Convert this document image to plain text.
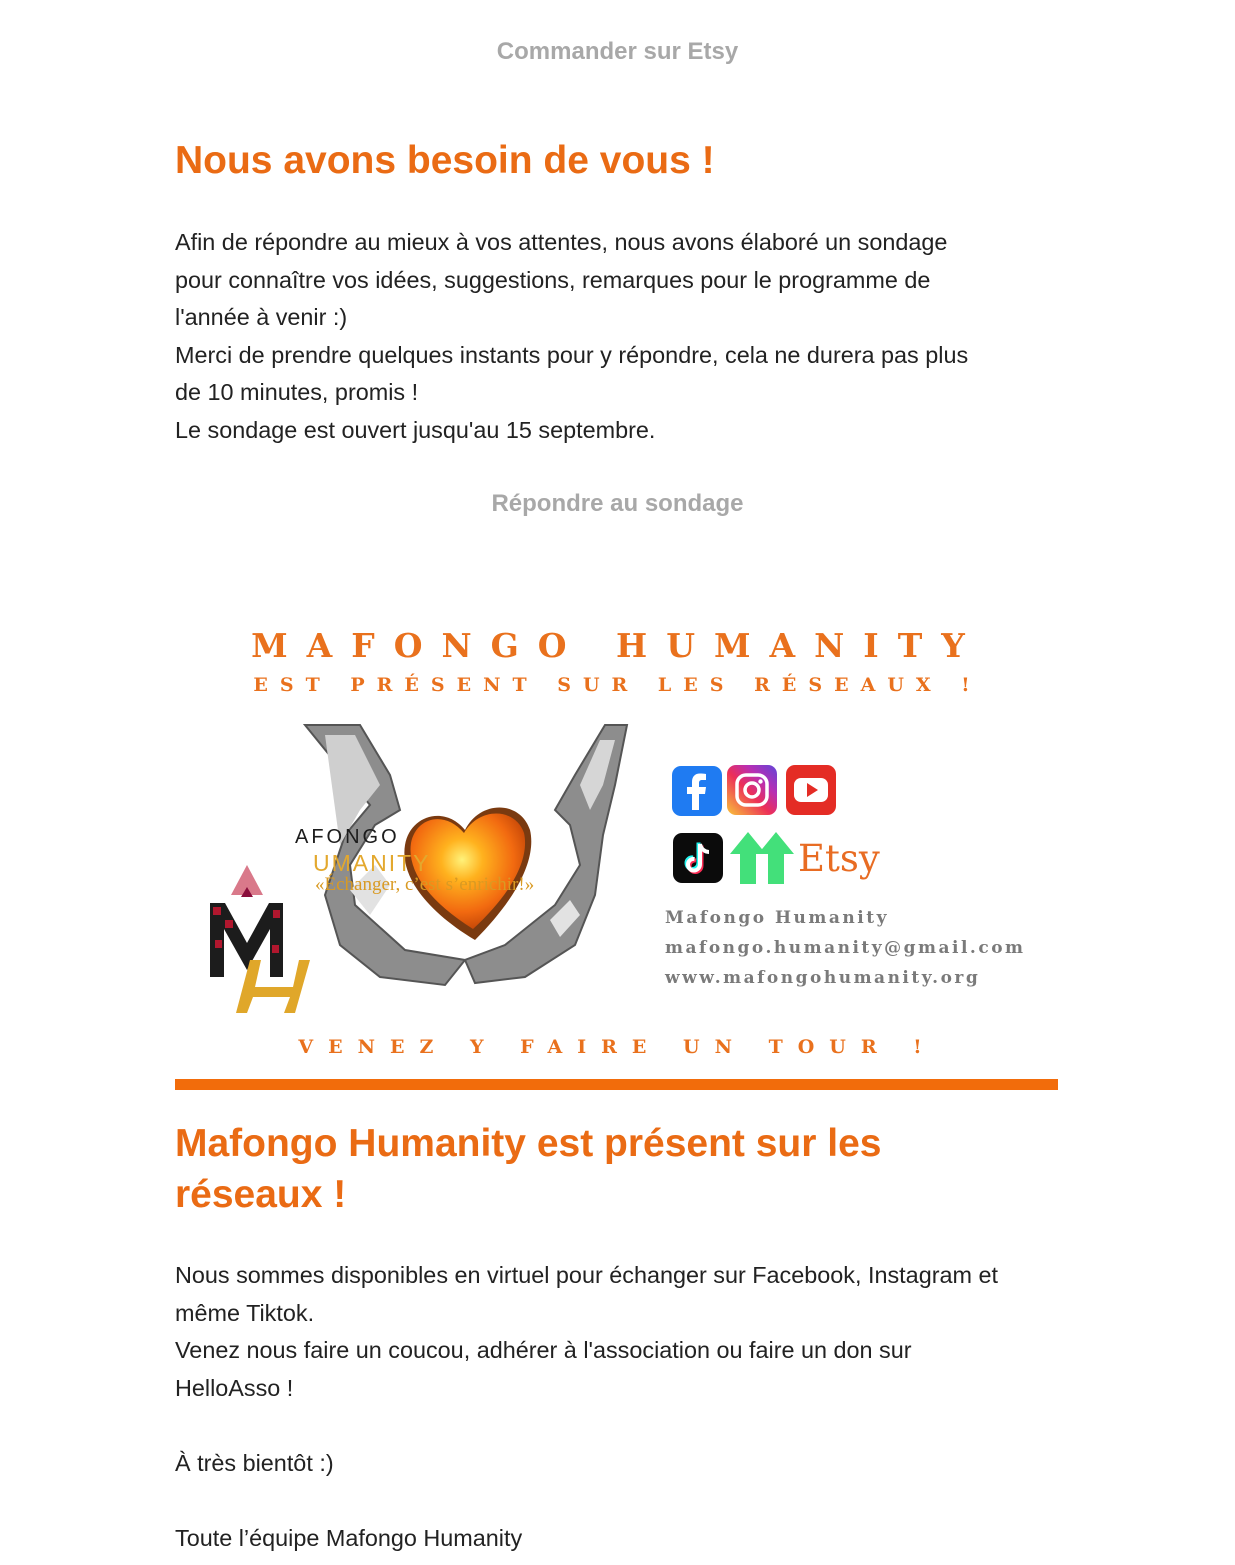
Commander sur Etsy
Nous avons besoin de vous !

Afin de répondre au mieux à vos attentes, nous avons élaboré un sondage
pour connaître vos idées, suggestions, remarques pour le programme de
l'année à venir :)
Merci de prendre quelques instants pour y répondre, cela ne durera pas plus
de 10 minutes, promis !
Le sondage est ouvert jusqu'au 15 septembre.

Répondre au sondage
MAFONGO HUMANITY
EST PRÉSENT SUR LES RÉSEAUX !
AFONGO
UMANITY
«Échanger, c’est s’enrichir!»
Etsy
Mafongo Humanity
mafongo.humanity@gmail.com
www.mafongohumanity.org
VENEZ Y FAIRE UN TOUR !
Mafongo Humanity est présent sur les
réseaux !

Nous sommes disponibles en virtuel pour échanger sur Facebook, Instagram et
même Tiktok.
Venez nous faire un coucou, adhérer à l'association ou faire un don sur
HelloAsso !

À très bientôt :)

Toute l’équipe Mafongo Humanity
